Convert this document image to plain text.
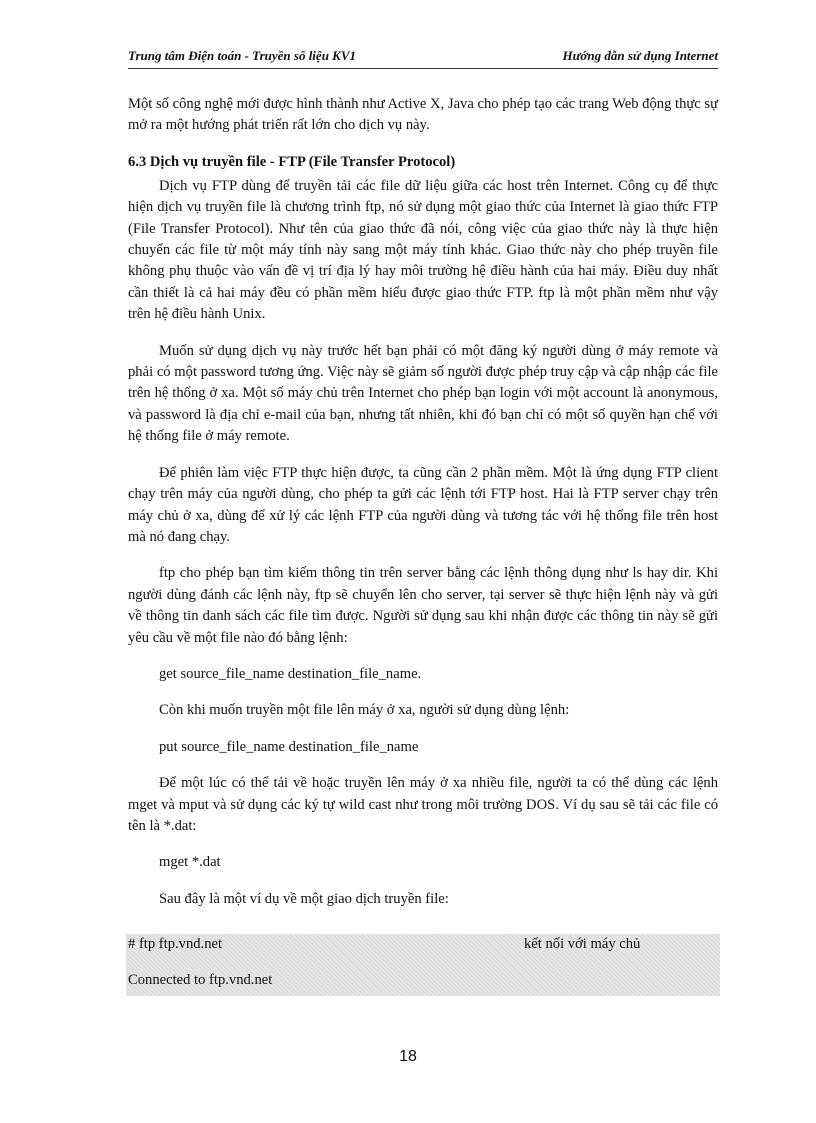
Trung tâm Điện toán - Truyền số liệu KV1	Hướng dẫn sử dụng Internet

Một số công nghệ mới được hình thành như Active X, Java cho phép tạo các trang Web động thực sự mở ra một hướng phát triển rất lớn cho dịch vụ này.

6.3 Dịch vụ truyền file - FTP (File Transfer Protocol)

Dịch vụ FTP dùng để truyền tải các file dữ liệu giữa các host trên Internet. Công cụ để thực hiện dịch vụ truyền file là chương trình ftp, nó sử dụng một giao thức của Internet là giao thức FTP (File Transfer Protocol). Như tên của giao thức đã nói, công việc của giao thức này là thực hiện chuyển các file từ một máy tính này sang một máy tính khác. Giao thức này cho phép truyền file không phụ thuộc vào vấn đề vị trí địa lý hay môi trường hệ điều hành của hai máy. Điều duy nhất cần thiết là cả hai máy đều có phần mềm hiểu được giao thức FTP. ftp là một phần mềm như vậy trên hệ điều hành Unix.

Muốn sử dụng dịch vụ này trước hết bạn phải có một đăng ký người dùng ở máy remote và phải có một password tương ứng. Việc này sẽ giảm số người được phép truy cập và cập nhập các file trên hệ thống ở xa. Một số máy chủ trên Internet cho phép bạn login với một account là anonymous, và password là địa chỉ e-mail của bạn, nhưng tất nhiên, khi đó bạn chỉ có một số quyền hạn chế với hệ thống file ở máy remote.

Để phiên làm việc FTP thực hiện được, ta cũng cần 2 phần mềm. Một là ứng dụng FTP client chạy trên máy của người dùng, cho phép ta gửi các lệnh tới FTP host. Hai là FTP server chạy trên máy chủ ở xa, dùng để xử lý các lệnh FTP của người dùng và tương tác với hệ thống file trên host mà nó đang chạy.

ftp cho phép bạn tìm kiếm thông tin trên server bằng các lệnh thông dụng như ls hay dir. Khi người dùng đánh các lệnh này, ftp sẽ chuyển lên cho server, tại server sẽ thực hiện lệnh này và gửi về thông tin danh sách các file tìm được. Người sử dụng sau khi nhận được các thông tin này sẽ gửi yêu cầu về một file nào đó bằng lệnh:

get source_file_name destination_file_name.

Còn khi muốn truyền một file lên máy ở xa, người sử dụng dùng lệnh:

put source_file_name destination_file_name

Để một lúc có thể tải về hoặc truyền lên máy ở xa nhiều file, người ta có thể dùng các lệnh mget và mput và sử dụng các ký tự wild cast như trong môi trường DOS. Ví dụ sau sẽ tải các file có tên là *.dat:

mget *.dat

Sau đây là một ví dụ về một giao dịch truyền file:

# ftp ftp.vnd.net	kết nối với máy chủ
Connected to ftp.vnd.net
18
